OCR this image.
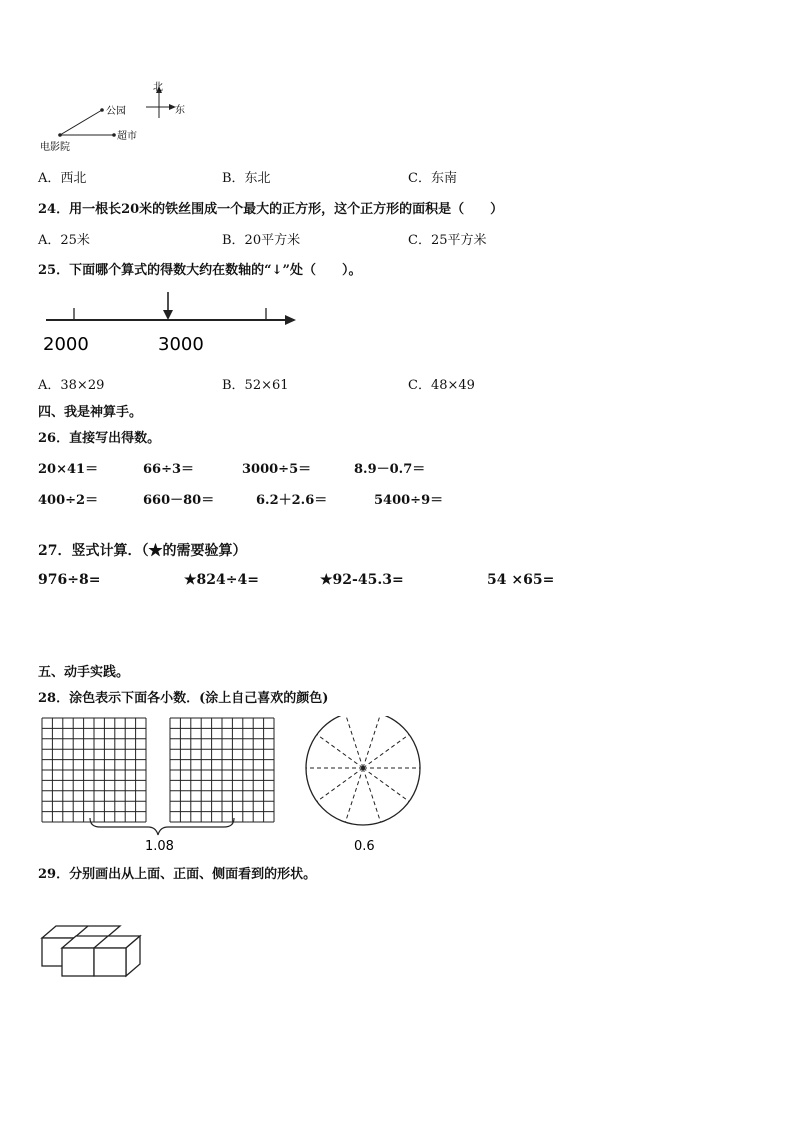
北
东
公园
超市
电影院
A．西北	B．东北	C．东南
24．用一根长20米的铁丝围成一个最大的正方形，这个正方形的面积是（　　）
A．25米	B．20平方米	C．25平方米
25．下面哪个算式的得数大约在数轴的“↓”处（　　）。
2000	3000
A．38×29	B．52×61	C．48×49
四、我是神算手。
26．直接写出得数。
20×41＝	66÷3＝	3000÷5＝	8.9－0.7＝
400÷2＝	660－80＝	6.2＋2.6＝	5400÷9＝
27．竖式计算．（★的需要验算）
976÷8=	★824÷4=	★92-45.3=	54 ×65=
五、动手实践。
28．涂色表示下面各小数．(涂上自己喜欢的颜色)
1.08	0.6
29．分别画出从上面、正面、侧面看到的形状。
